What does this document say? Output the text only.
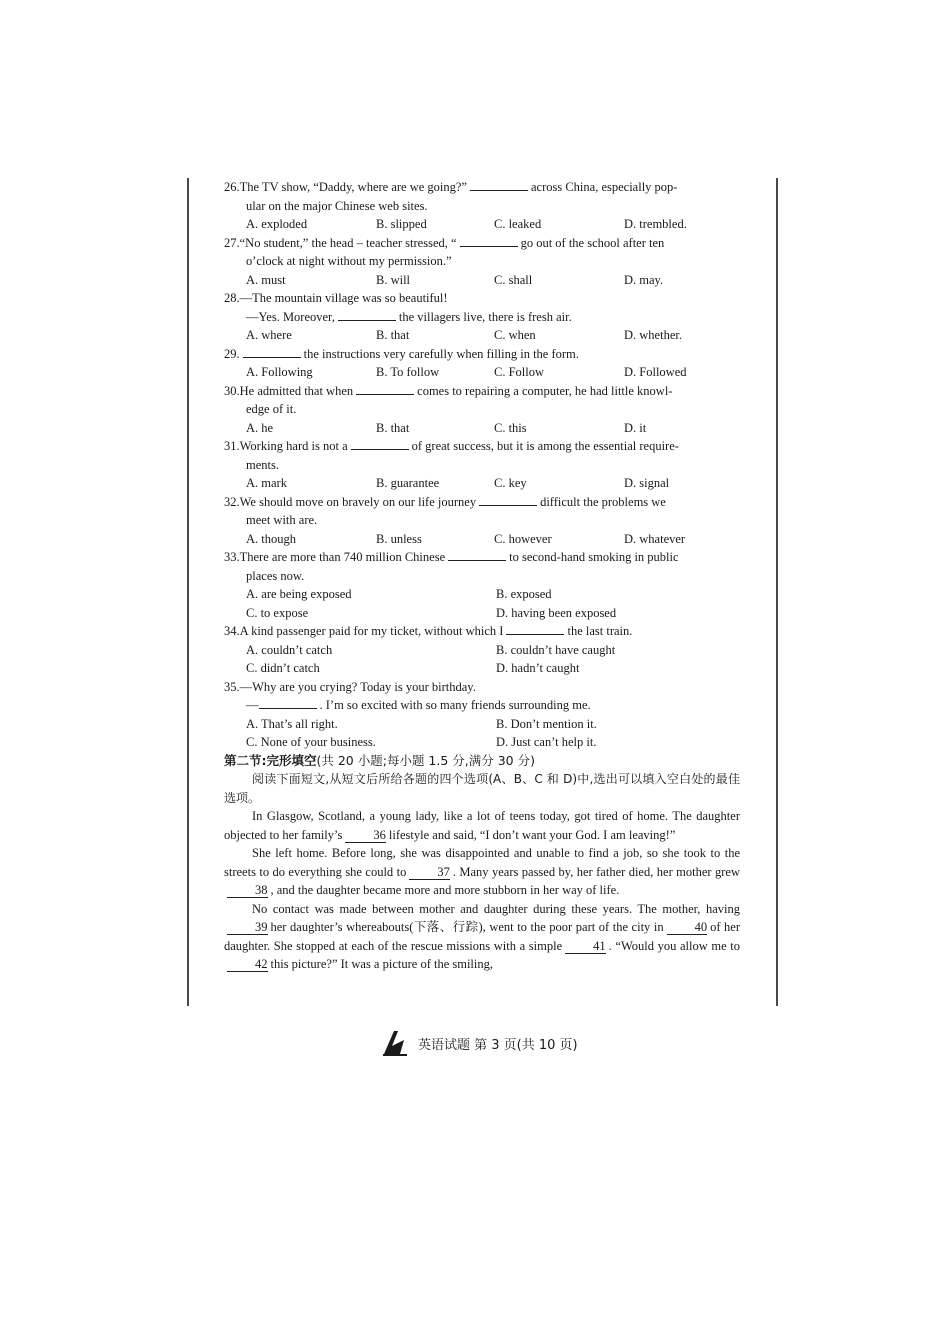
26.The TV show, “Daddy, where are we going?”	across China, especially pop-

ular on the major Chinese web sites.
A. exploded	B. slipped	C. leaked	D. trembled.

27.“No student,” the head – teacher stressed, “	go out of the school after ten

o’clock at night without my permission.”
A. must	B. will	C. shall	D. may.

28.—The mountain village was so beautiful!

—Yes. Moreover,	the villagers live, there is fresh air.
A. where	B. that	C. when	D. whether.

29.	the instructions very carefully when filling in the form.

A. Following	B. To follow	C. Follow	D. Followed

30.He admitted that when	comes to repairing a computer, he had little knowl-

edge of it.
A. he	B. that	C. this	D. it

31.Working hard is not a	of great success, but it is among the essential require-

ments.
A. mark	B. guarantee	C. key	D. signal

32.We should move on bravely on our life journey	difficult the problems we

meet with are.
A. though	B. unless	C. however	D. whatever

33.There are more than 740 million Chinese	to second-hand smoking in public

places now.
A. are being exposed	B. exposed
C. to expose	D. having been exposed

34.A kind passenger paid for my ticket, without which I	the last train.

A. couldn’t catch	B. couldn’t have caught
C. didn’t catch	D. hadn’t caught

35.—Why are you crying? Today is your birthday.

—	. I’m so excited with so many friends surrounding me.
A. That’s all right.	B. Don’t mention it.
C. None of your business.	D. Just can’t help it.

第二节:完形填空(共 20 小题;每小题 1.5 分,满分 30 分)

阅读下面短文,从短文后所给各题的四个选项(A、B、C 和 D)中,选出可以填入空白处的最佳选项。

In Glasgow, Scotland, a young lady, like a lot of teens today, got tired of home. The daughter objected to her family’s 36 lifestyle and said, “I don’t want your God. I am leaving!”

She left home. Before long, she was disappointed and unable to find a job, so she took to the streets to do everything she could to 37 . Many years passed by, her father died, her mother grew38 , and the daughter became more and more stubborn in her way of life.

No contact was made between mother and daughter during these years. The mother, having39 her daughter’s whereabouts(下落、行踪), went to the poor part of the city in 40 of her daughter. She stopped at each of the rescue missions with a simple 41 . “Would you allow me to42 this picture?” It was a picture of the smiling,

英语试题 第 3 页(共 10 页)
